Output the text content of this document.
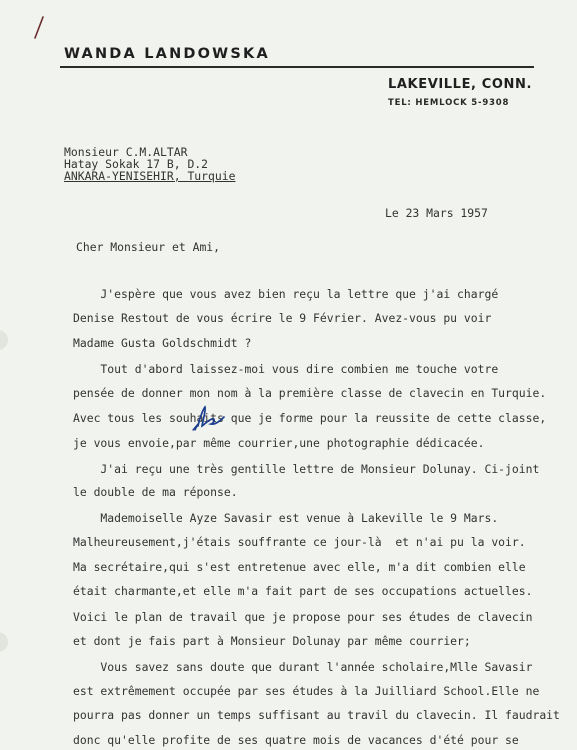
WANDA LANDOWSKA
LAKEVILLE, CONN.
TEL: HEMLOCK 5-9308
Monsieur C.M.ALTAR
Hatay Sokak 17 B, D.2
ANKARA-YENISEHIR, Turquie
Le 23 Mars 1957
Cher Monsieur et Ami,
J'espère que vous avez bien reçu la lettre que j'ai chargé
Denise Restout de vous écrire le 9 Février. Avez-vous pu voir
Madame Gusta Goldschmidt ?
Tout d'abord laissez-moi vous dire combien me touche votre
pensée de donner mon nom à la première classe de clavecin en Turquie.
Avec tous les souhaits que je forme pour la reussite de cette classe,
je vous envoie,par même courrier,une photographie dédicacée.
J'ai reçu une très gentille lettre de Monsieur Dolunay. Ci-joint
le double de ma réponse.
Mademoiselle Ayze Savasir est venue à Lakeville le 9 Mars.
Malheureusement,j'étais souffrante ce jour-là  et n'ai pu la voir.
Ma secrétaire,qui s'est entretenue avec elle, m'a dit combien elle
était charmante,et elle m'a fait part de ses occupations actuelles.
Voici le plan de travail que je propose pour ses études de clavecin
et dont je fais part à Monsieur Dolunay par même courrier;
Vous savez sans doute que durant l'année scholaire,Mlle Savasir
est extrêmement occupée par ses études à la Juilliard School.Elle ne
pourra pas donner un temps suffisant au travil du clavecin. Il faudrait
donc qu'elle profite de ses quatre mois de vacances d'été pour se
